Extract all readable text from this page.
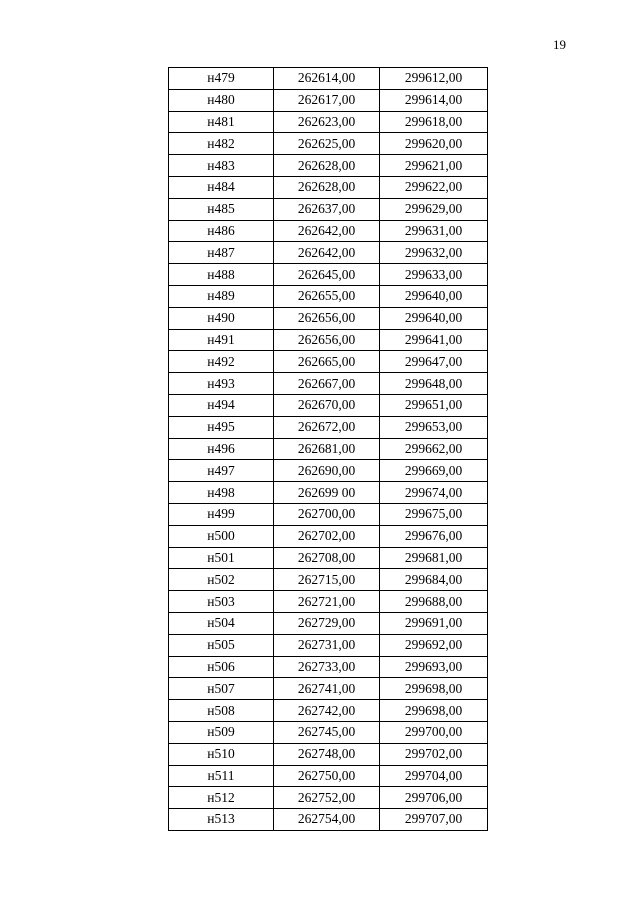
19
н479	262614,00	299612,00
н480	262617,00	299614,00
н481	262623,00	299618,00
н482	262625,00	299620,00
н483	262628,00	299621,00
н484	262628,00	299622,00
н485	262637,00	299629,00
н486	262642,00	299631,00
н487	262642,00	299632,00
н488	262645,00	299633,00
н489	262655,00	299640,00
н490	262656,00	299640,00
н491	262656,00	299641,00
н492	262665,00	299647,00
н493	262667,00	299648,00
н494	262670,00	299651,00
н495	262672,00	299653,00
н496	262681,00	299662,00
н497	262690,00	299669,00
н498	262699 00	299674,00
н499	262700,00	299675,00
н500	262702,00	299676,00
н501	262708,00	299681,00
н502	262715,00	299684,00
н503	262721,00	299688,00
н504	262729,00	299691,00
н505	262731,00	299692,00
н506	262733,00	299693,00
н507	262741,00	299698,00
н508	262742,00	299698,00
н509	262745,00	299700,00
н510	262748,00	299702,00
н511	262750,00	299704,00
н512	262752,00	299706,00
н513	262754,00	299707,00
